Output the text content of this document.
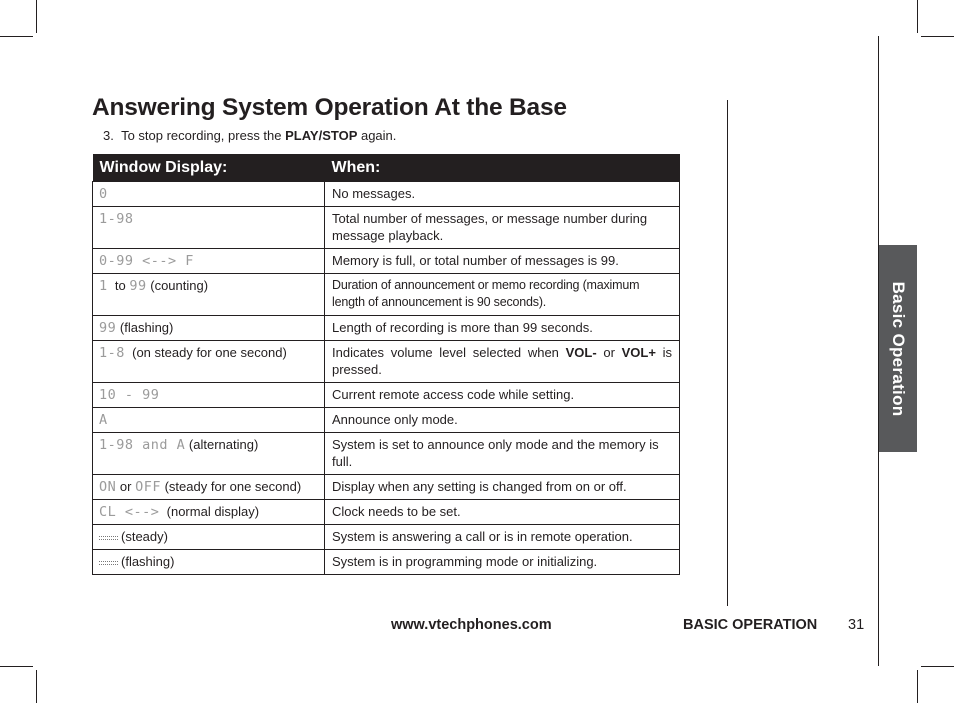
Answering System Operation At the Base
3. To stop recording, press the PLAY/STOP again.
Window Display:	When:
0	No messages.
1-98	Total number of messages, or message number during message playback.
0-99 <--> F	Memory is full, or total number of messages is 99.
1 to 99 (counting)	Duration of announcement or memo recording (maximum length of announcement is 90 seconds).
99 (flashing)	Length of recording is more than 99 seconds.
1-8 (on steady for one second)	Indicates volume level selected when VOL- or VOL+ is pressed.
10 - 99	Current remote access code while setting.
A	Announce only mode.
1-98 and A (alternating)	System is set to announce only mode and the memory is full.
ON or OFF (steady for one second)	Display when any setting is changed from on or off.
CL <--> (normal display)	Clock needs to be set.
(steady)	System is answering a call or is in remote operation.
(flashing)	System is in programming mode or initializing.
Basic Operation
www.vtechphones.com	BASIC OPERATION 31
